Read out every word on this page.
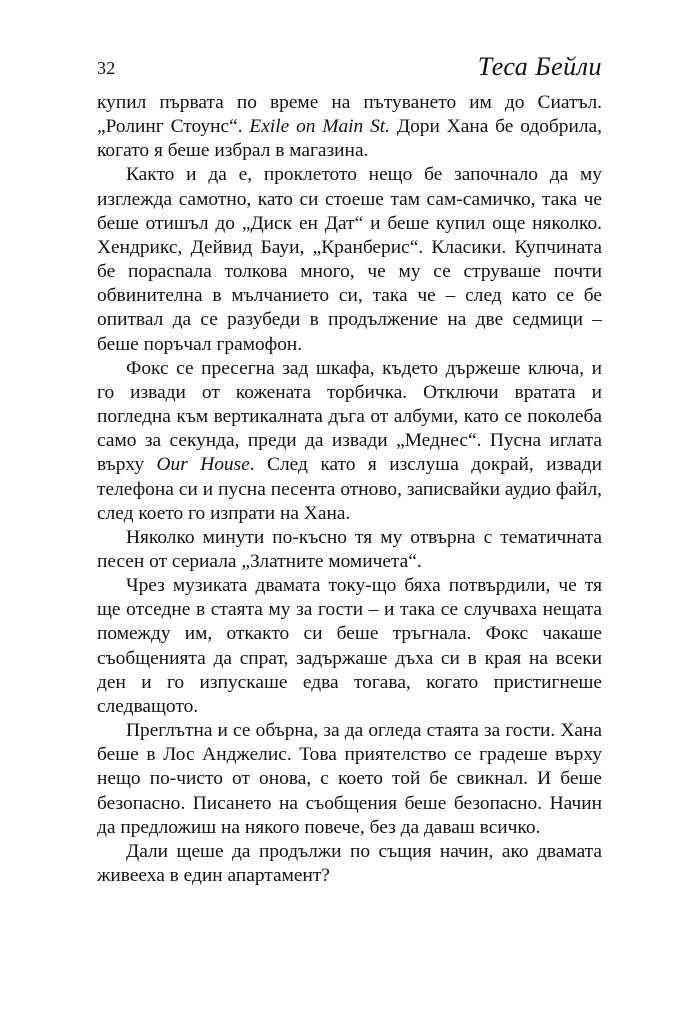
32	Теса Бейли

купил първата по време на пътуването им до Сиатъл. „Ролинг Стоунс“. Exile on Main St. Дори Хана бе одобрила, когато я беше избрал в магазина.

Както и да е, проклетото нещо бе започнало да му изглежда самотно, като си стоеше там сам-самичко, така че беше отишъл до „Диск ен Дат“ и беше купил още няколко. Хендрикс, Дейвид Бауи, „Кранберис“. Класики. Купчината бе порасnала толкова много, че му се струваше почти обвинителна в мълчанието си, така че – след като се бе опитвал да се разубеди в продължение на две седмици – беше поръчал грамофон.

Фокс се пресегна зад шкафа, където държеше ключа, и го извади от кожената торбичка. Отключи вратата и погледна към вертикалната дъга от албуми, като се поколеба само за секунда, преди да извади „Меднес“. Пусна иглата върху Our House. След като я изслуша докрай, извади телефона си и пусна песента отново, записвайки аудио файл, след което го изпрати на Хана.

Няколко минути по-късно тя му отвърна с тематичната песен от сериала „Златните момичета“.

Чрез музиката двамата току-що бяха потвърдили, че тя ще отседне в стаята му за гости – и така се случваха нещата помежду им, откакто си беше тръгнала. Фокс чакаше съобщенията да спрат, задържаше дъха си в края на всеки ден и го изпускаше едва тогава, когато пристигнеше следващото.

Преглътна и се обърна, за да огледа стаята за гости. Хана беше в Лос Анджелис. Това приятелство се градеше върху нещо по-чисто от онова, с което той бе свикнал. И беше безопасно. Писането на съобщения беше безопасно. Начин да предложиш на някого повече, без да даваш всичко.

Дали щеше да продължи по същия начин, ако двамата живееха в един апартамент?
